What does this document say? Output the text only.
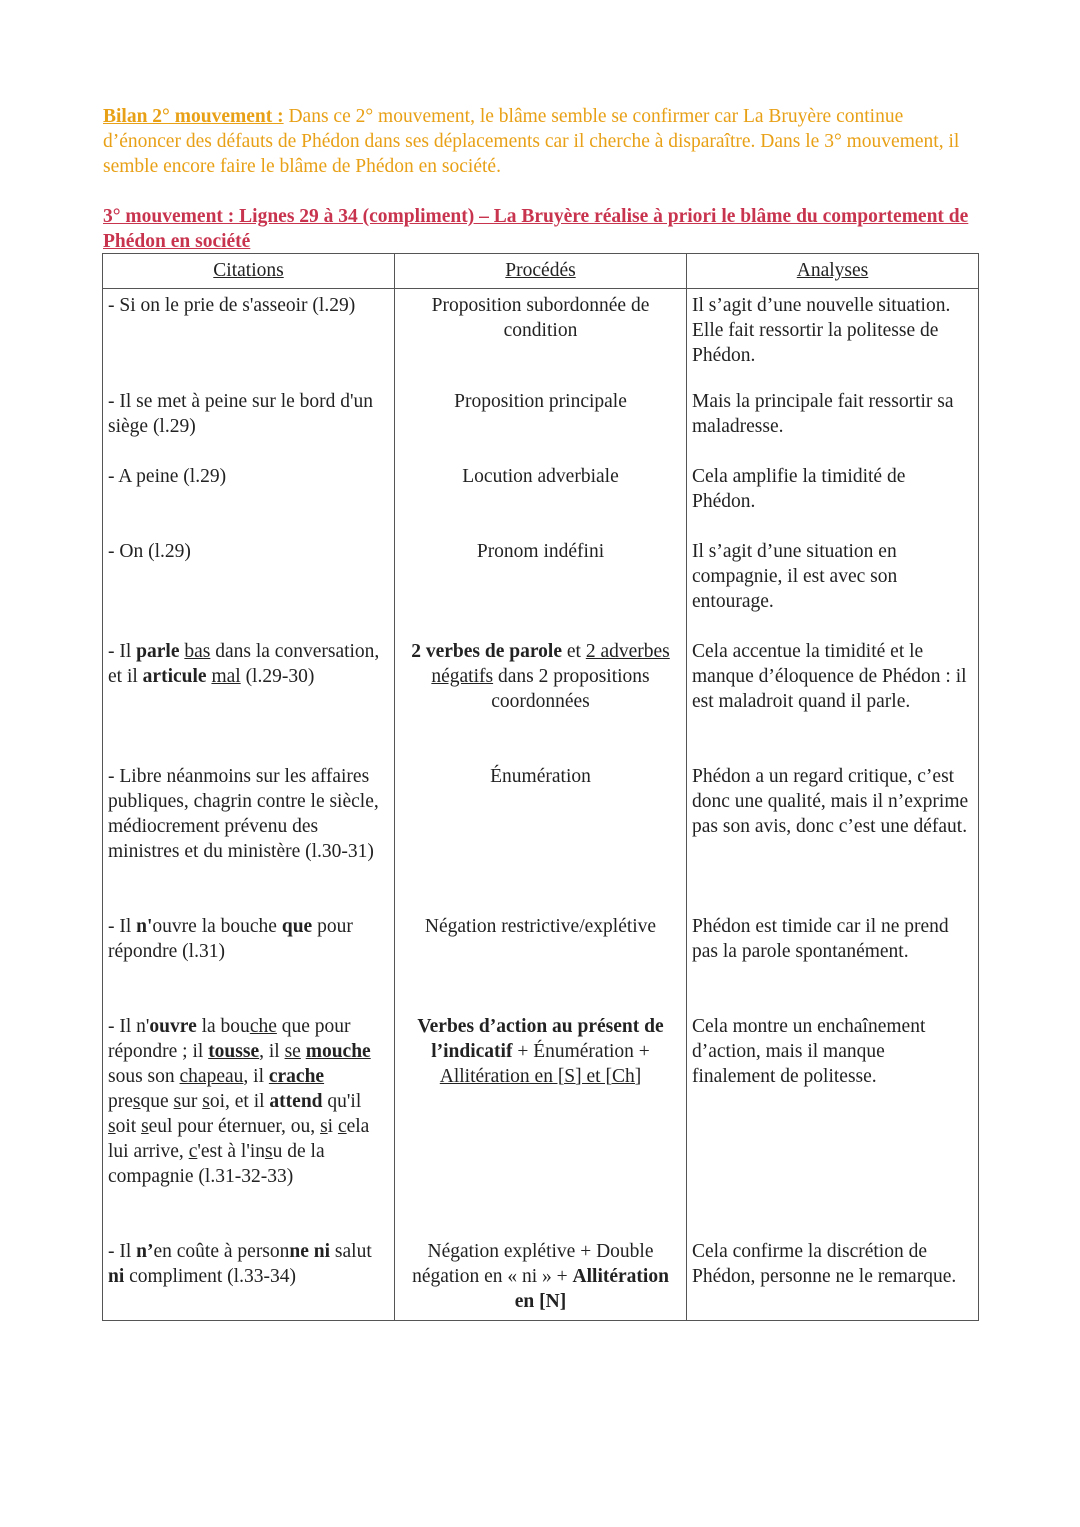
Bilan 2° mouvement : Dans ce 2° mouvement, le blâme semble se confirmer car La Bruyère continue d’énoncer des défauts de Phédon dans ses déplacements car il cherche à disparaître. Dans le 3° mouvement, il semble encore faire le blâme de Phédon en société.
3° mouvement : Lignes 29 à 34 (compliment) – La Bruyère réalise à priori le blâme du comportement de Phédon en société
Citations	Procédés	Analyses
- Si on le prie de s'asseoir (l.29)	Proposition subordonnée de condition	Il s’agit d’une nouvelle situation. Elle fait ressortir la politesse de Phédon.
- Il se met à peine sur le bord d'un siège (l.29)	Proposition principale	Mais la principale fait ressortir sa maladresse.
- A peine (l.29)	Locution adverbiale	Cela amplifie la timidité de Phédon.
- On (l.29)	Pronom indéfini	Il s’agit d’une situation en compagnie, il est avec son entourage.
- Il parle bas dans la conversation, et il articule mal (l.29-30)	2 verbes de parole et 2 adverbes négatifs dans 2 propositions coordonnées	Cela accentue la timidité et le manque d’éloquence de Phédon : il est maladroit quand il parle.
- Libre néanmoins sur les affaires publiques, chagrin contre le siècle, médiocrement prévenu des ministres et du ministère (l.30-31)	Énumération	Phédon a un regard critique, c’est donc une qualité, mais il n’exprime pas son avis, donc c’est une défaut.
- Il n'ouvre la bouche que pour répondre (l.31)	Négation restrictive/explétive	Phédon est timide car il ne prend pas la parole spontanément.
- Il n'ouvre la bouche que pour répondre ; il tousse, il se mouche sous son chapeau, il crache presque sur soi, et il attend qu'il soit seul pour éternuer, ou, si cela lui arrive, c'est à l'insu de la compagnie (l.31-32-33)	Verbes d’action au présent de l’indicatif + Énumération + Allitération en [S] et [Ch]	Cela montre un enchaînement d’action, mais il manque finalement de politesse.
- Il n’en coûte à personne ni salut ni compliment (l.33-34)	Négation explétive + Double négation en « ni » + Allitération en [N]	Cela confirme la discrétion de Phédon, personne ne le remarque.
